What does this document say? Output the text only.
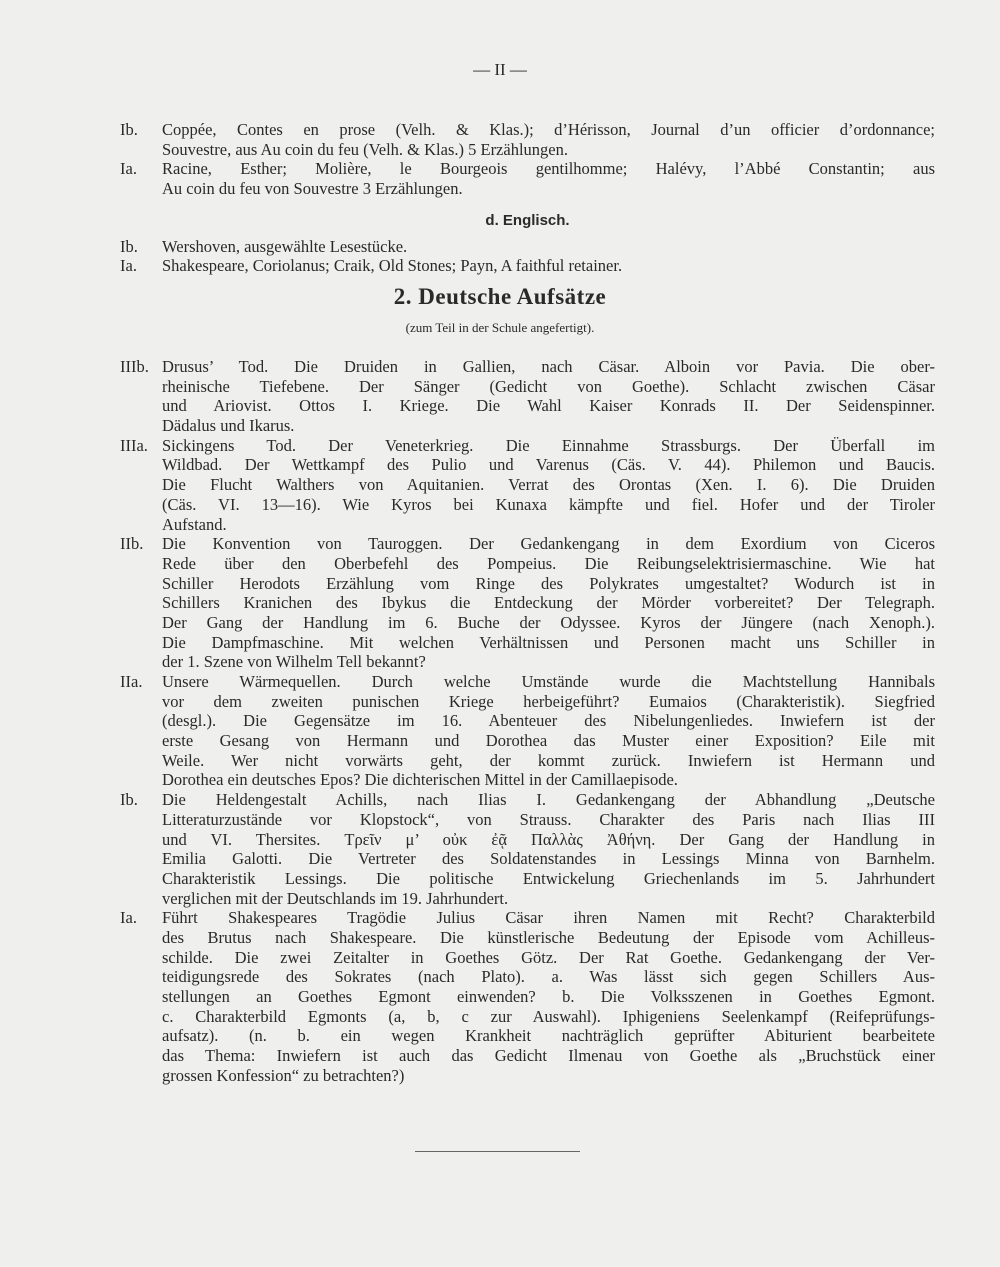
— II —
Ib.	Coppée, Contes en prose (Velh. & Klas.); d’Hérisson, Journal d’un officier d’ordonnance;
Souvestre, aus Au coin du feu (Velh. & Klas.) 5 Erzählungen.
Ia.	Racine, Esther; Molière, le Bourgeois gentilhomme; Halévy, l’Abbé Constantin; aus
Au coin du feu von Souvestre 3 Erzählungen.
d. Englisch.
Ib.	Wershoven, ausgewählte Lesestücke.
Ia.	Shakespeare, Coriolanus; Craik, Old Stones; Payn, A faithful retainer.
2. Deutsche Aufsätze
(zum Teil in der Schule angefertigt).
IIIb. Drusus’ Tod. Die Druiden in Gallien, nach Cäsar. Alboin vor Pavia. Die ober-
rheinische Tiefebene. Der Sänger (Gedicht von Goethe). Schlacht zwischen Cäsar
und Ariovist. Ottos I. Kriege. Die Wahl Kaiser Konrads II. Der Seidenspinner.
Dädalus und Ikarus.
IIIa. Sickingens Tod. Der Veneterkrieg. Die Einnahme Strassburgs. Der Überfall im
Wildbad. Der Wettkampf des Pulio und Varenus (Cäs. V. 44). Philemon und Baucis.
Die Flucht Walthers von Aquitanien. Verrat des Orontas (Xen. I. 6). Die Druiden
(Cäs. VI. 13—16). Wie Kyros bei Kunaxa kämpfte und fiel. Hofer und der Tiroler
Aufstand.
IIb.	Die Konvention von Tauroggen. Der Gedankengang in dem Exordium von Ciceros
Rede über den Oberbefehl des Pompeius. Die Reibungselektrisiermaschine. Wie hat
Schiller Herodots Erzählung vom Ringe des Polykrates umgestaltet? Wodurch ist in
Schillers Kranichen des Ibykus die Entdeckung der Mörder vorbereitet? Der Telegraph.
Der Gang der Handlung im 6. Buche der Odyssee. Kyros der Jüngere (nach Xenoph.).
Die Dampfmaschine. Mit welchen Verhältnissen und Personen macht uns Schiller in
der 1. Szene von Wilhelm Tell bekannt?
IIa.	Unsere Wärmequellen. Durch welche Umstände wurde die Machtstellung Hannibals
vor dem zweiten punischen Kriege herbeigeführt? Eumaios (Charakteristik). Siegfried
(desgl.). Die Gegensätze im 16. Abenteuer des Nibelungenliedes. Inwiefern ist der
erste Gesang von Hermann und Dorothea das Muster einer Exposition? Eile mit
Weile. Wer nicht vorwärts geht, der kommt zurück. Inwiefern ist Hermann und
Dorothea ein deutsches Epos? Die dichterischen Mittel in der Camillaepisode.
Ib.	Die Heldengestalt Achills, nach Ilias I. Gedankengang der Abhandlung „Deutsche
Litteraturzustände vor Klopstock“, von Strauss. Charakter des Paris nach Ilias III
und VI. Thersites. Τρεῖν μ’ οὐκ ἐᾷ Παλλὰς Ἀθήνη. Der Gang der Handlung in
Emilia Galotti. Die Vertreter des Soldatenstandes in Lessings Minna von Barnhelm.
Charakteristik Lessings. Die politische Entwickelung Griechenlands im 5. Jahrhundert
verglichen mit der Deutschlands im 19. Jahrhundert.
Ia.	Führt Shakespeares Tragödie Julius Cäsar ihren Namen mit Recht? Charakterbild
des Brutus nach Shakespeare. Die künstlerische Bedeutung der Episode vom Achilleus-
schilde. Die zwei Zeitalter in Goethes Götz. Der Rat Goethe. Gedankengang der Ver-
teidigungsrede des Sokrates (nach Plato). a. Was lässt sich gegen Schillers Aus-
stellungen an Goethes Egmont einwenden? b. Die Volksszenen in Goethes Egmont.
c. Charakterbild Egmonts (a, b, c zur Auswahl). Iphigeniens Seelenkampf (Reifeprüfungs-
aufsatz). (n. b. ein wegen Krankheit nachträglich geprüfter Abiturient bearbeitete
das Thema: Inwiefern ist auch das Gedicht Ilmenau von Goethe als „Bruchstück einer
grossen Konfession“ zu betrachten?)
